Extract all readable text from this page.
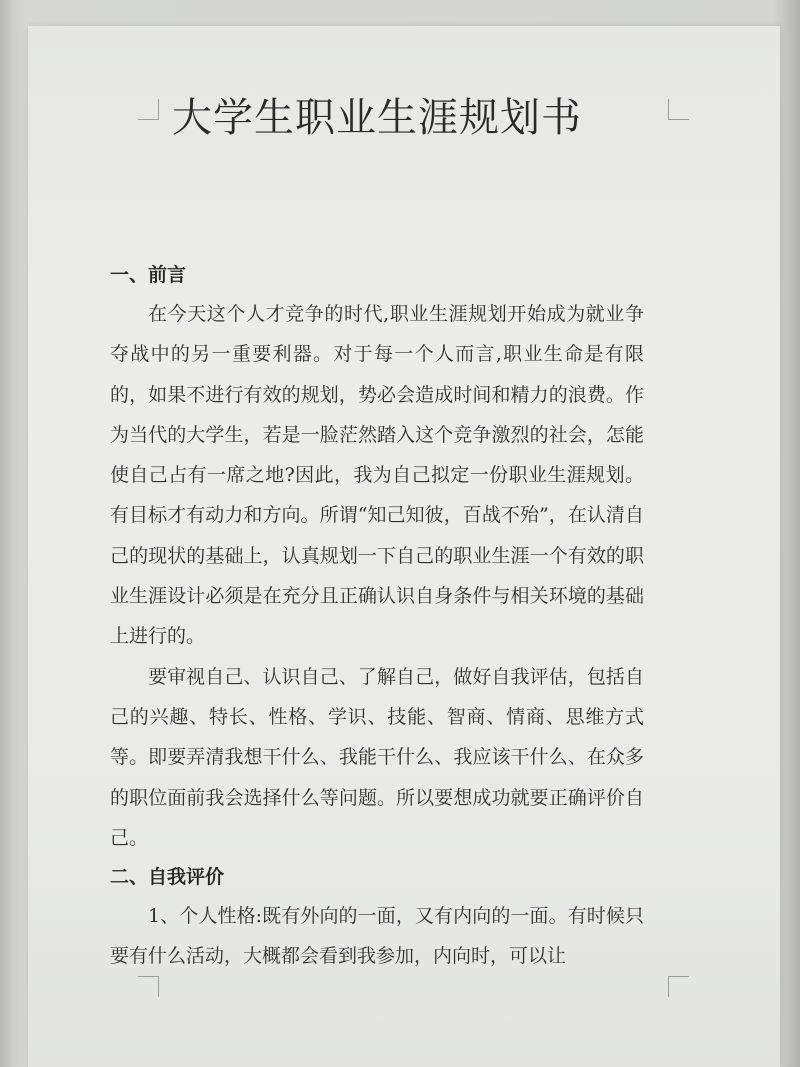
大学生职业生涯规划书
一、前言

在今天这个人才竞争的时代,职业生涯规划开始成为就业争夺战中的另一重要利器。对于每一个人而言,职业生命是有限的，如果不进行有效的规划，势必会造成时间和精力的浪费。作为当代的大学生，若是一脸茫然踏入这个竞争激烈的社会，怎能使自己占有一席之地?因此，我为自己拟定一份职业生涯规划。有目标才有动力和方向。所谓“知己知彼，百战不殆”，在认清自己的现状的基础上，认真规划一下自己的职业生涯一个有效的职业生涯设计必须是在充分且正确认识自身条件与相关环境的基础上进行的。

要审视自己、认识自己、了解自己，做好自我评估，包括自己的兴趣、特长、性格、学识、技能、智商、情商、思维方式等。即要弄清我想干什么、我能干什么、我应该干什么、在众多的职位面前我会选择什么等问题。所以要想成功就要正确评价自己。

二、自我评价

1、个人性格:既有外向的一面，又有内向的一面。有时候只要有什么活动，大概都会看到我参加，内向时，可以让
